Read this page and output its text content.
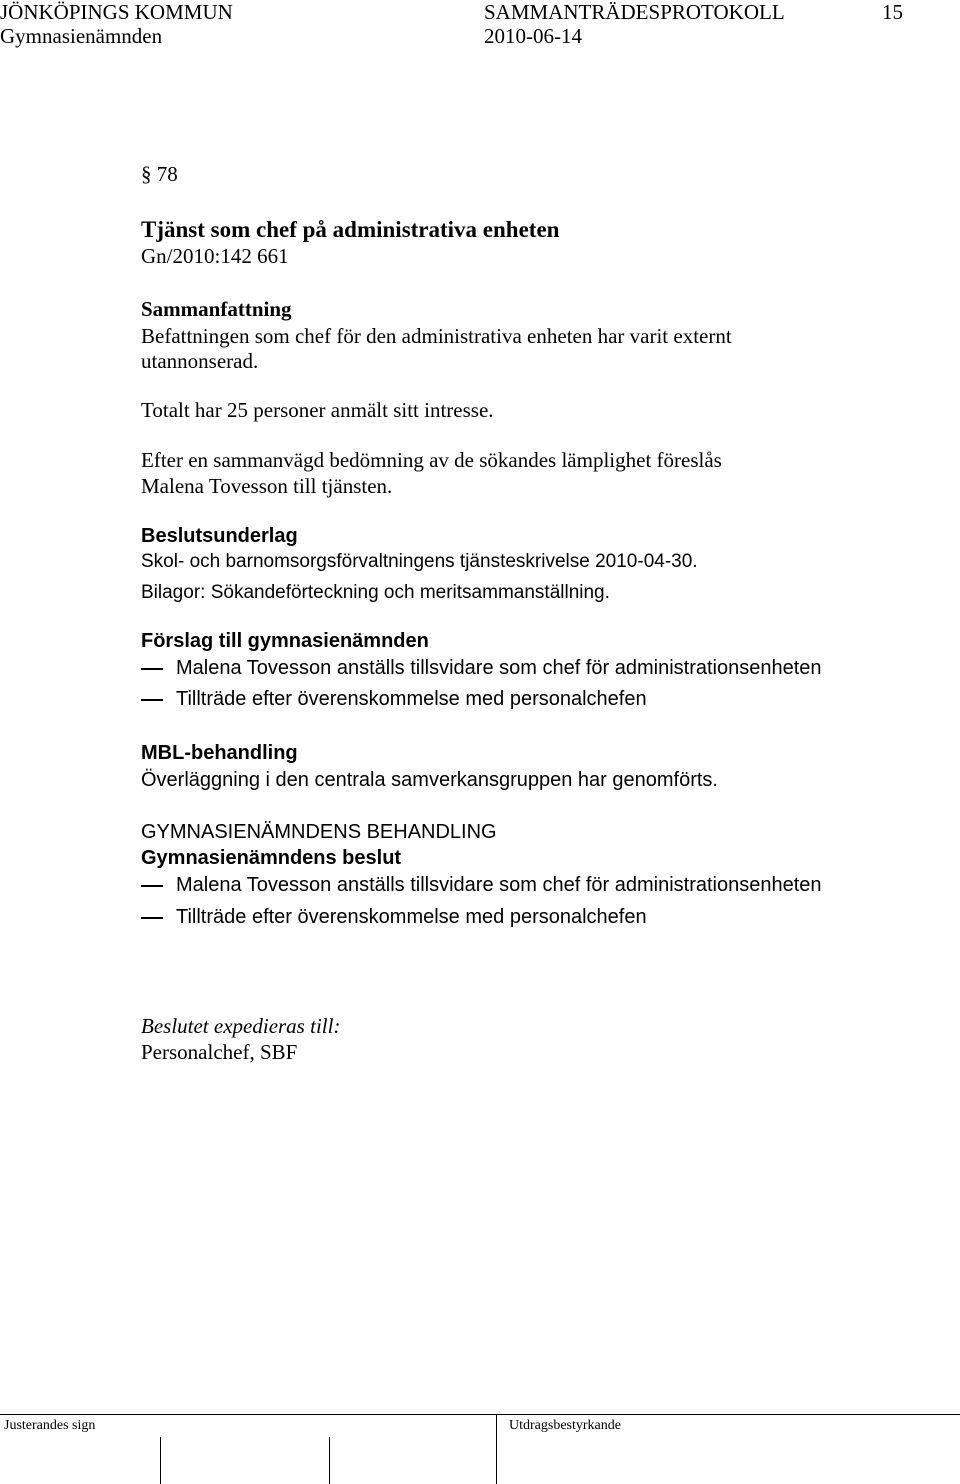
JÖNKÖPINGS KOMMUN	SAMMANTRÄDESPROTOKOLL	15
Gymnasienämnden	2010-06-14
§ 78
Tjänst som chef på administrativa enheten
Gn/2010:142 661
Sammanfattning
Befattningen som chef för den administrativa enheten har varit externt
utannonserad.
Totalt har 25 personer anmält sitt intresse.
Efter en sammanvägd bedömning av de sökandes lämplighet föreslås
Malena Tovesson till tjänsten.
Beslutsunderlag
Skol- och barnomsorgsförvaltningens tjänsteskrivelse 2010-04-30.
Bilagor: Sökandeförteckning och meritsammanställning.
Förslag till gymnasienämnden
Malena Tovesson anställs tillsvidare som chef för administrationsenheten
Tillträde efter överenskommelse med personalchefen
MBL-behandling
Överläggning i den centrala samverkansgruppen har genomförts.
GYMNASIENÄMNDENS BEHANDLING
Gymnasienämndens beslut
Malena Tovesson anställs tillsvidare som chef för administrationsenheten
Tillträde efter överenskommelse med personalchefen
Beslutet expedieras till:
Personalchef, SBF
Justerandes sign	Utdragsbestyrkande
